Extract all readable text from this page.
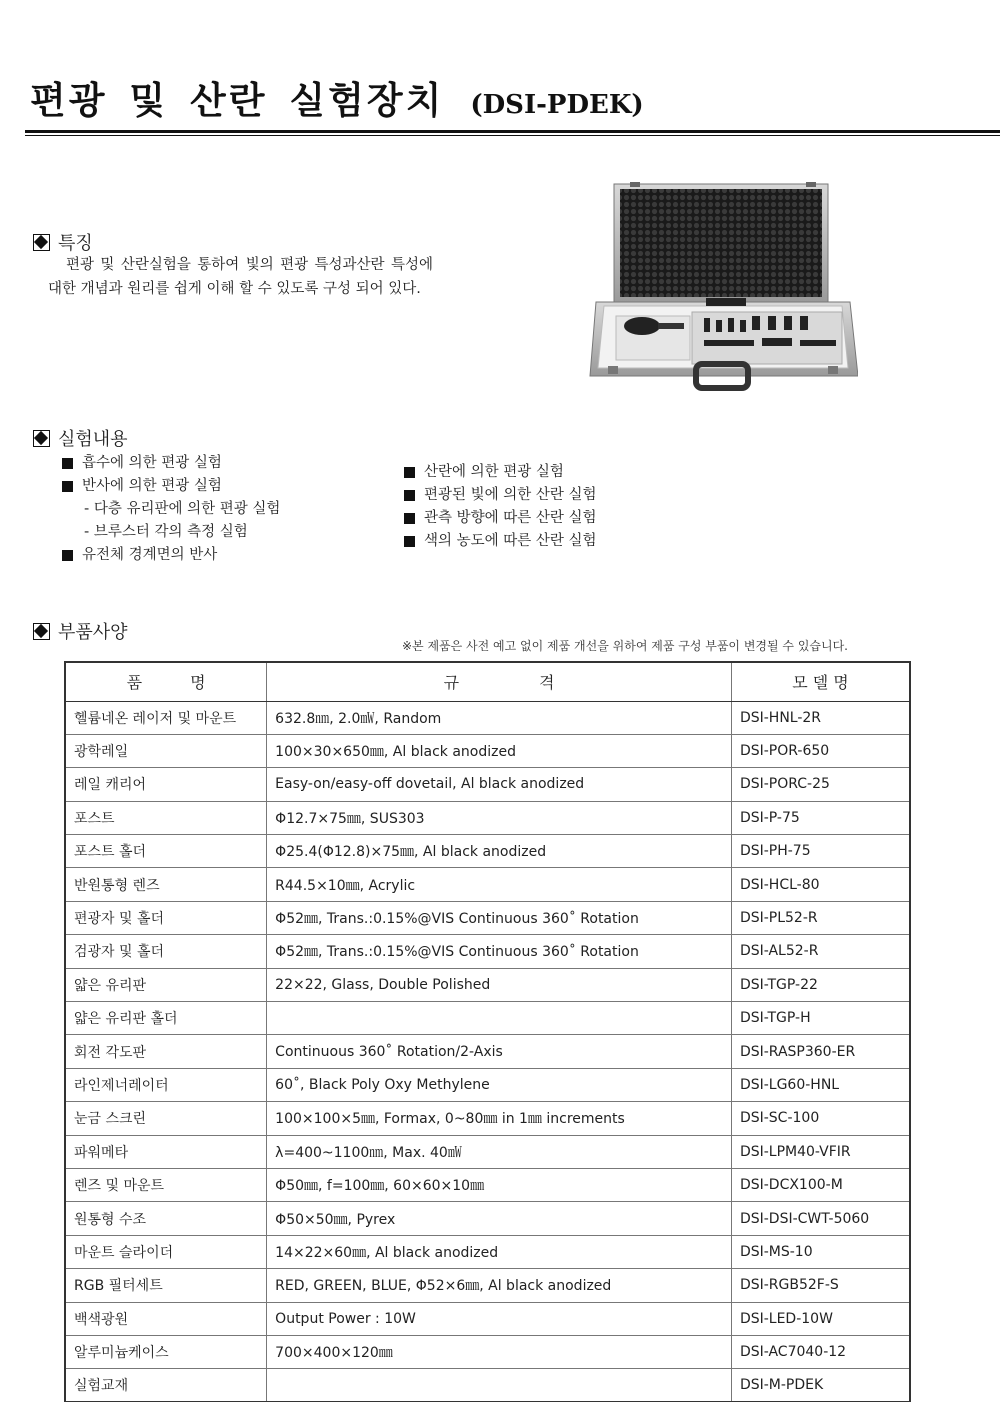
편광 및 산란 실험장치 (DSI-PDEK)
특징

편광 및 산란실험을 통하여 빛의 편광 특성과산란 특성에 대한 개념과 원리를 쉽게 이해 할 수 있도록 구성 되어 있다.

실험내용
흡수에 의한 편광 실험
반사에 의한 편광 실험
- 다층 유리판에 의한 편광 실험
- 브루스터 각의 측정 실험
유전체 경계면의 반사
산란에 의한 편광 실험
편광된 빛에 의한 산란 실험
관측 방향에 따른 산란 실험
색의 농도에 따른 산란 실험
부품사양
※본 제품은 사전 예고 없이 제품 개선을 위하여 제품 구성 부품이 변경될 수 있습니다.
품　　　명	규　　　　　격	모 델 명
헬륨네온 레이저 및 마운트	632.8㎚, 2.0㎽, Random	DSI-HNL-2R
광학레일	100×30×650㎜, Al black anodized	DSI-POR-650
레일 캐리어	Easy-on/easy-off dovetail, Al black anodized	DSI-PORC-25
포스트	Φ12.7×75㎜, SUS303	DSI-P-75
포스트 홀더	Φ25.4(Φ12.8)×75㎜, Al black anodized	DSI-PH-75
반원통형 렌즈	R44.5×10㎜, Acrylic	DSI-HCL-80
편광자 및 홀더	Φ52㎜, Trans.:0.15%@VIS Continuous 360˚ Rotation	DSI-PL52-R
검광자 및 홀더	Φ52㎜, Trans.:0.15%@VIS Continuous 360˚ Rotation	DSI-AL52-R
얇은 유리판	22×22, Glass, Double Polished	DSI-TGP-22
얇은 유리판 홀더		DSI-TGP-H
회전 각도판	Continuous 360˚ Rotation/2-Axis	DSI-RASP360-ER
라인제너레이터	60˚, Black Poly Oxy Methylene	DSI-LG60-HNL
눈금 스크린	100×100×5㎜, Formax, 0~80㎜ in 1㎜ increments	DSI-SC-100
파워메타	λ=400~1100㎚, Max. 40㎽	DSI-LPM40-VFIR
렌즈 및 마운트	Φ50㎜, f=100㎜, 60×60×10㎜	DSI-DCX100-M
원통형 수조	Φ50×50㎜, Pyrex	DSI-DSI-CWT-5060
마운트 슬라이더	14×22×60㎜, Al black anodized	DSI-MS-10
RGB 필터세트	RED, GREEN, BLUE, Φ52×6㎜, Al black anodized	DSI-RGB52F-S
백색광원	Output Power : 10W	DSI-LED-10W
알루미늄케이스	700×400×120㎜	DSI-AC7040-12
실험교재		DSI-M-PDEK
